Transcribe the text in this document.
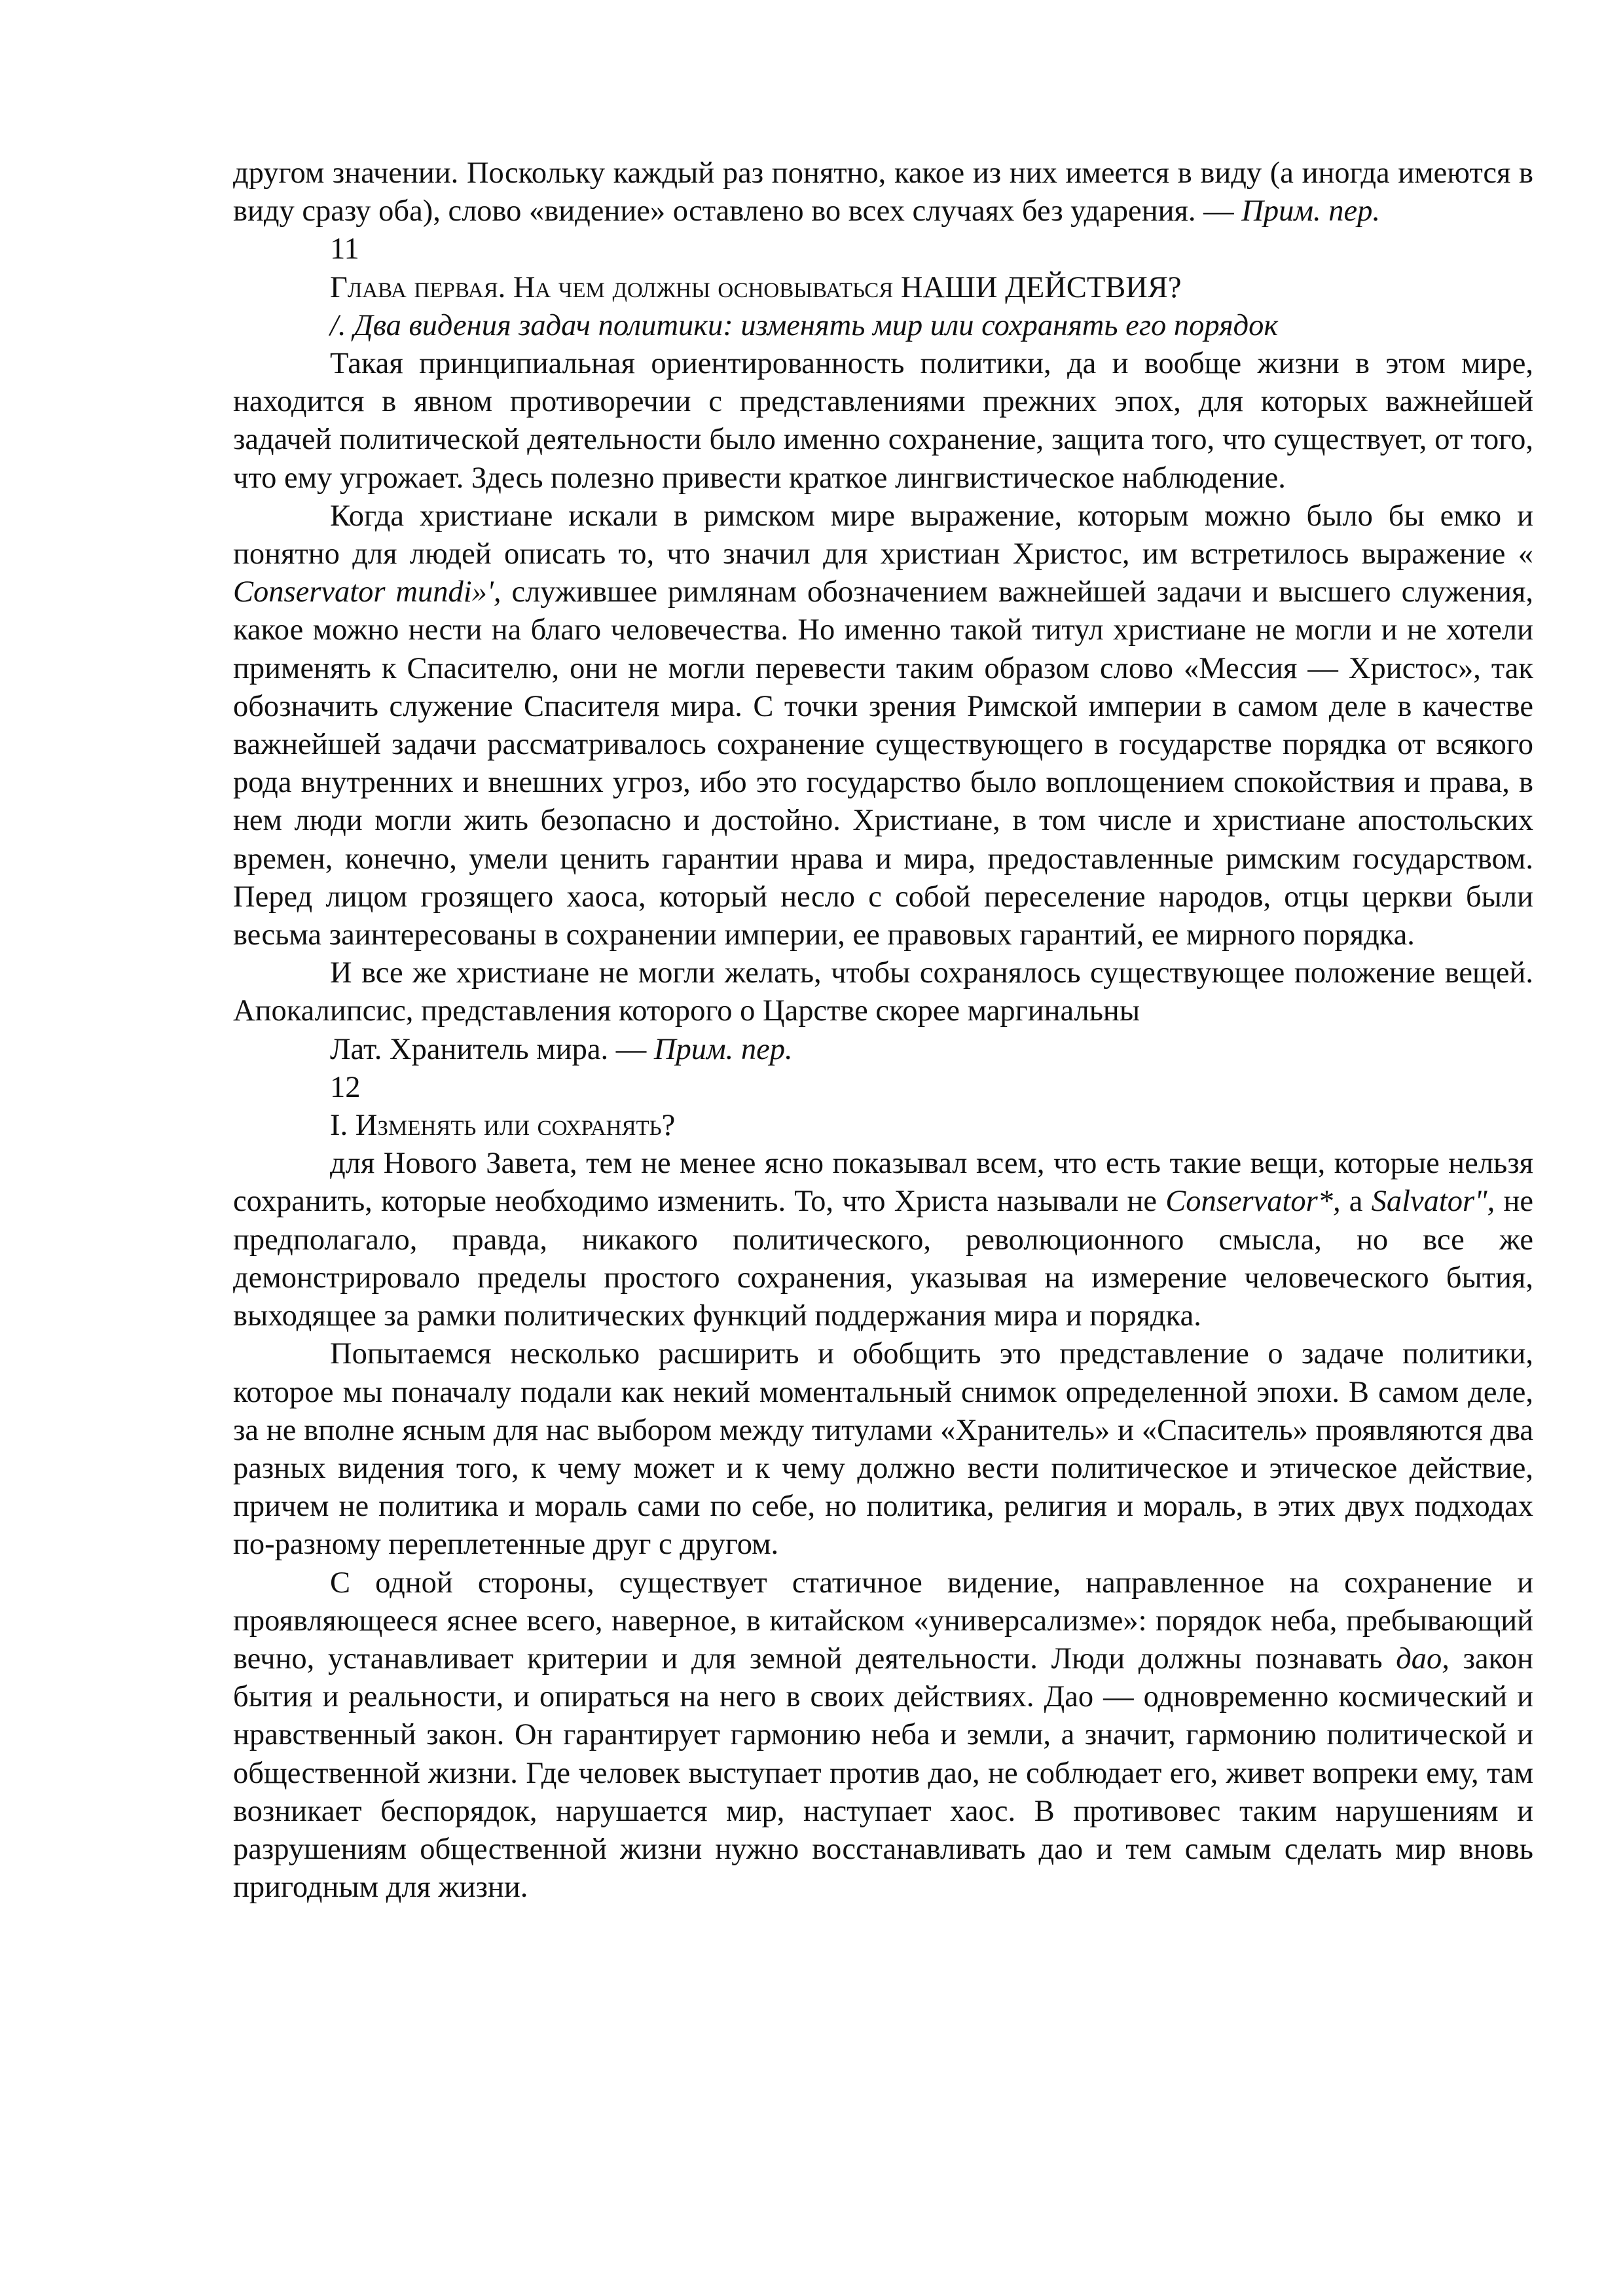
другом значении. Поскольку каждый раз понятно, какое из них имеется в виду (а иногда имеются в виду сразу оба), слово «видение» оставлено во всех случаях без ударения. — Прим. пер.

11

Глава первая. На чем должны основываться НАШИ ДЕЙСТВИЯ?

/. Два видения задач политики: изменять мир или сохранять его порядок

Такая принципиальная ориентированность политики, да и вообще жизни в этом мире, находится в явном противоречии с представлениями прежних эпох, для которых важнейшей задачей политической деятельности было именно сохранение, защита того, что существует, от того, что ему угрожает. Здесь полезно привести краткое лингвистическое наблюдение.

Когда христиане искали в римском мире выражение, которым можно было бы емко и понятно для людей описать то, что значил для христиан Христос, им встретилось выражение « Conservator mundi»', служившее римлянам обозначением важнейшей задачи и высшего служения, какое можно нести на благо человечества. Но именно такой титул христиане не могли и не хотели применять к Спасителю, они не могли перевести таким образом слово «Мессия — Христос», так обозначить служение Спасителя мира. С точки зрения Римской империи в самом деле в качестве важнейшей задачи рассматривалось сохранение существующего в государстве порядка от всякого рода внутренних и внешних угроз, ибо это государство было воплощением спокойствия и права, в нем люди могли жить безопасно и достойно. Христиане, в том числе и христиане апостольских времен, конечно, умели ценить гарантии нрава и мира, предоставленные римским государством. Перед лицом грозящего хаоса, который несло с собой переселение народов, отцы церкви были весьма заинтересованы в сохранении империи, ее правовых гарантий, ее мирного порядка.

И все же христиане не могли желать, чтобы сохранялось существующее положение вещей. Апокалипсис, представления которого о Царстве скорее маргинальны

Лат. Хранитель мира. — Прим. пер.

12

I. Изменять или сохранять?

для Нового Завета, тем не менее ясно показывал всем, что есть такие вещи, которые нельзя сохранить, которые необходимо изменить. То, что Христа называли не Conservator*, а Salvator", не предполагало, правда, никакого политического, революционного смысла, но все же демонстрировало пределы простого сохранения, указывая на измерение человеческого бытия, выходящее за рамки политических функций поддержания мира и порядка.

Попытаемся несколько расширить и обобщить это представление о задаче политики, которое мы поначалу подали как некий моментальный снимок определенной эпохи. В самом деле, за не вполне ясным для нас выбором между титулами «Хранитель» и «Спаситель» проявляются два разных видения того, к чему может и к чему должно вести политическое и этическое действие, причем не политика и мораль сами по себе, но политика, религия и мораль, в этих двух подходах по-разному переплетенные друг с другом.

С одной стороны, существует статичное видение, направленное на сохранение и проявляющееся яснее всего, наверное, в китайском «универсализме»: порядок неба, пребывающий вечно, устанавливает критерии и для земной деятельности. Люди должны познавать дао, закон бытия и реальности, и опираться на него в своих действиях. Дао — одновременно космический и нравственный закон. Он гарантирует гармонию неба и земли, а значит, гармонию политической и общественной жизни. Где человек выступает против дао, не соблюдает его, живет вопреки ему, там возникает беспорядок, нарушается мир, наступает хаос. В противовес таким нарушениям и разрушениям общественной жизни нужно восстанавливать дао и тем самым сделать мир вновь пригодным для жизни.
